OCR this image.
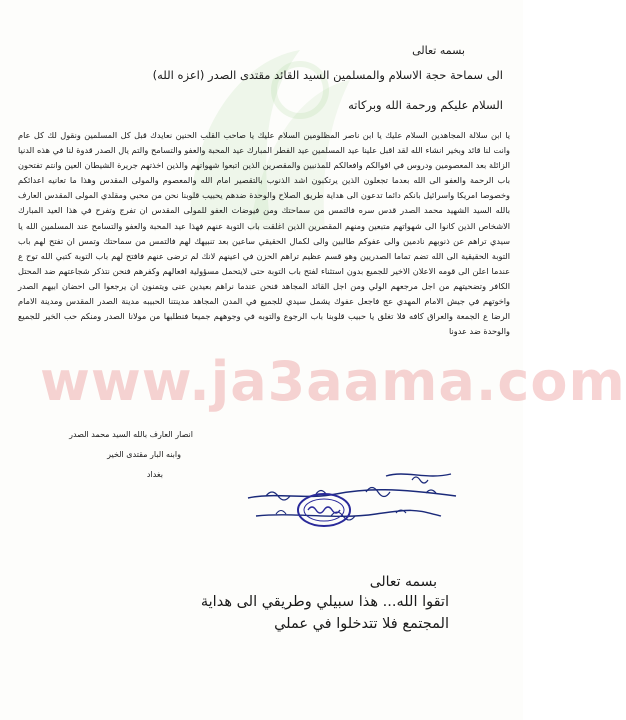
بسمه تعالى
الى سماحة حجة الاسلام والمسلمين السيد القائد مقتدى الصدر (اعزه الله)
السلام عليكم ورحمة الله وبركاته
يا ابن سلالة المجاهدين السلام عليك يا ابن ناصر المظلومين السلام عليك يا صاحب القلب الحنين نعايدك قبل كل المسلمين ونقول لك كل عام وانت لنا قائد وبخير انشاء الله لقد اقبل علينا عيد المسلمين عيد الفطر المبارك عيد المحبة والعفو والتسامح والتم يال الصدر قدوة لنا في هذه الدنيا الزائلة بعد المعصومين ودروس في اقوالكم وافعالكم للمذنبين والمقصرين الذين اتبعوا شهواتهم والذين اخذتهم جريرة الشيطان العين وانتم تفتحون باب الرحمة والعفو الى الله بعدما تجعلون الذين يرتكبون اشد الذنوب بالتقصير امام الله والمعصوم والمولى المقدس وهذا ما تعانيه اعدائكم وخصوصا امريكا واسرائيل بانكم دائما تدعون الى هداية طريق الصلاح والوحدة ضدهم يحبيب قلوبنا نحن من محبي ومقلدي المولى المقدس العارف بالله السيد الشهيد محمد الصدر قدس سره فالتمس من سماحتك ومن فيوضات العفو للمولى المقدس ان تفرج وتفرح في هذا العيد المبارك الاشخاص الذين كانوا الى شهواتهم متبعين ومنهم المقصرين الذين اغلقت باب التوبة عنهم فهذا عيد المحبة والعفو والتسامح عند المسلمين الله يا سيدي تراهم عن ذنوبهم نادمين والى عفوكم طالبين والى لكمال الحقيقي ساعين بعد تنبيهك لهم فالتمس من سماحتك وتمس ان تفتح لهم باب التوبة الحقيقية الى الله تضم تماما الصدريين وهو قسم عظيم تراهم الحزن في اعينهم لانك لم ترضى عنهم فافتح لهم باب التوبة كتبي الله توح ع عندما اعلن الى قومه الاعلان الاخير للجميع بدون استثناء لفتح باب التوبة حتى لايتحمل مسؤولية افعالهم وكفرهم فنحن نتذكر شجاعتهم ضد المحتل الكافر وتضحيتهم من اجل مرجعهم الولي ومن اجل القائد المجاهد فنحن عندما نراهم بعيدين عنى ويتمنون ان يرجعوا الى احضان ابيهم الصدر واخوتهم في جيش الامام المهدي عج فاجعل عفوك يشمل سيدي للجميع في المدن المجاهد مدينتنا الحبيبه مدينة الصدر المقدس ومدينة الامام الرضا ع الجمعة والعراق كافه فلا تغلق يا حبيب قلوبنا باب الرجوع والتوبه في وجوههم جميعا فنطلبها من مولانا الصدر ومنكم حب الخير للجميع والوحدة ضد عدونا
www.ja3aama.com
انصار العارف بالله السيد محمد الصدر
وابنه البار مقتدى الخير
بغداد
بسمه تعالى
اتقوا الله... هذا سبيلي وطريقي الى هداية
المجتمع فلا تتدخلوا في عملي
